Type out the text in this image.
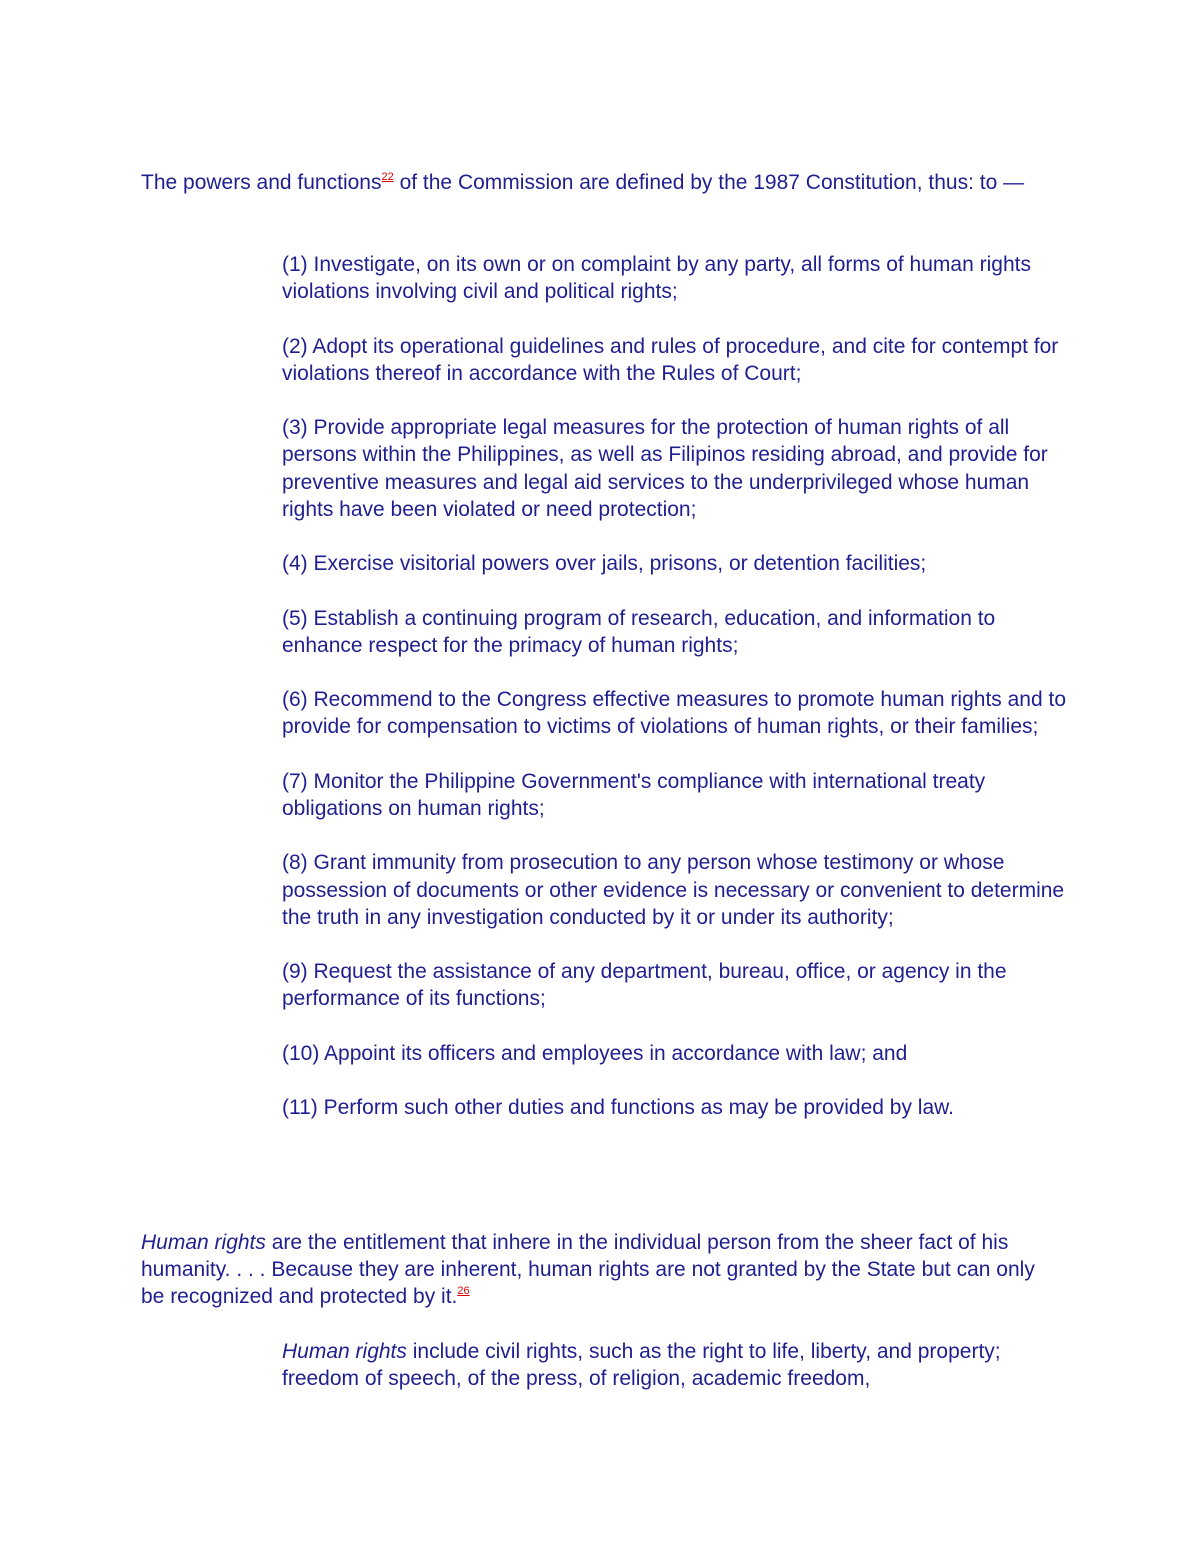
The powers and functions$^{22}$ of the Commission are defined by the 1987 Constitution, thus: to —

(1) Investigate, on its own or on complaint by any party, all forms of human rights violations involving civil and political rights;
(2) Adopt its operational guidelines and rules of procedure, and cite for contempt for violations thereof in accordance with the Rules of Court;
(3) Provide appropriate legal measures for the protection of human rights of all persons within the Philippines, as well as Filipinos residing abroad, and provide for preventive measures and legal aid services to the underprivileged whose human rights have been violated or need protection;
(4) Exercise visitorial powers over jails, prisons, or detention facilities;
(5) Establish a continuing program of research, education, and information to enhance respect for the primacy of human rights;
(6) Recommend to the Congress effective measures to promote human rights and to provide for compensation to victims of violations of human rights, or their families;
(7) Monitor the Philippine Government's compliance with international treaty obligations on human rights;
(8) Grant immunity from prosecution to any person whose testimony or whose possession of documents or other evidence is necessary or convenient to determine the truth in any investigation conducted by it or under its authority;
(9) Request the assistance of any department, bureau, office, or agency in the performance of its functions;
(10) Appoint its officers and employees in accordance with law; and
(11) Perform such other duties and functions as may be provided by law.

Human rights are the entitlement that inhere in the individual person from the sheer fact of his humanity. . . . Because they are inherent, human rights are not granted by the State but can only be recognized and protected by it.$^{26}$

Human rights include civil rights, such as the right to life, liberty, and property; freedom of speech, of the press, of religion, academic freedom,
